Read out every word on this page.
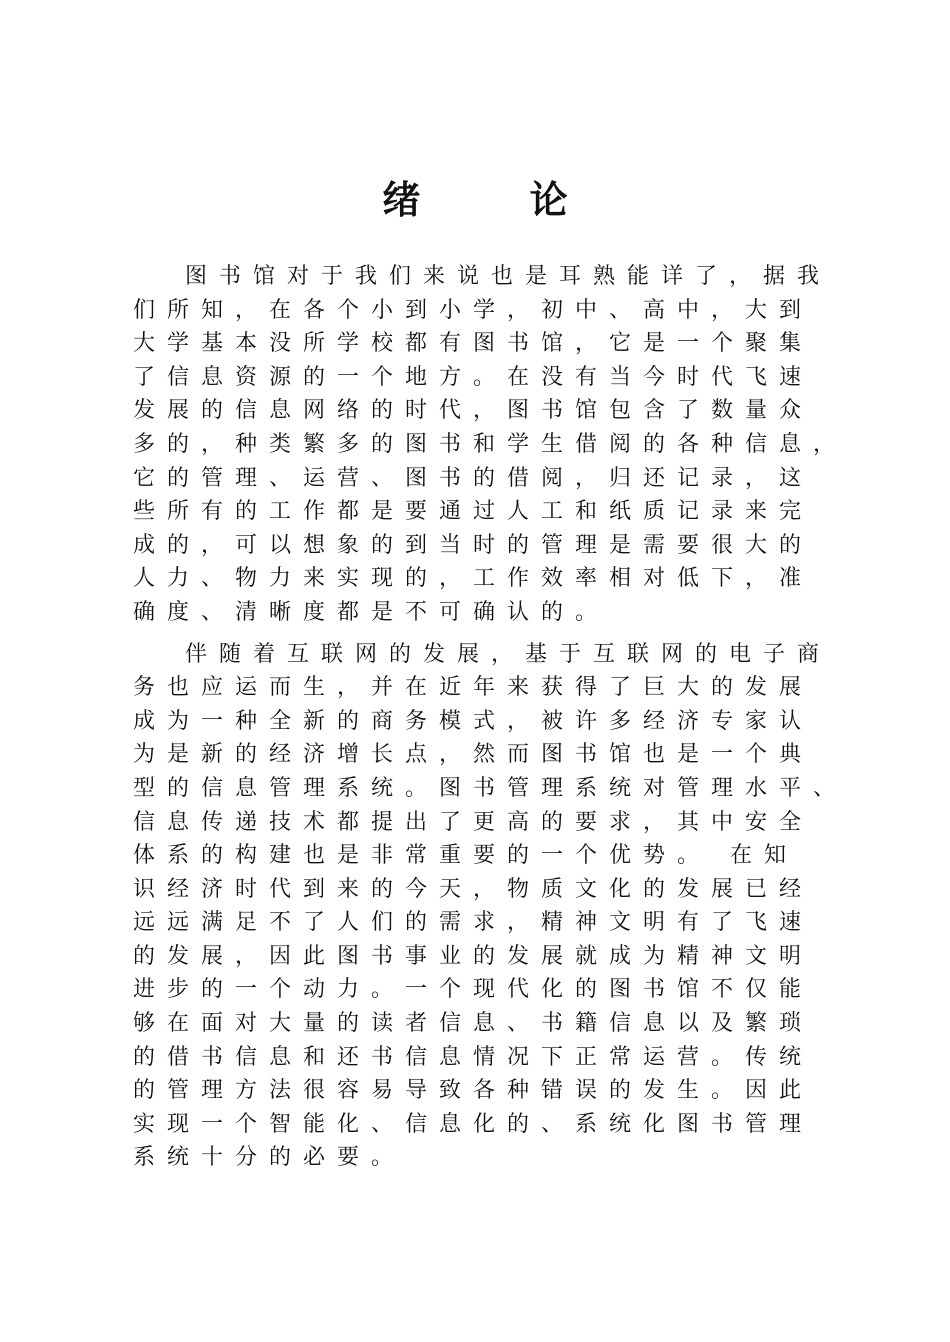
绪 论
图书馆对于我们来说也是耳熟能详了，据我
们所知，在各个小到小学，初中、高中，大到
大学基本没所学校都有图书馆，它是一个聚集
了信息资源的一个地方。在没有当今时代飞速
发展的信息网络的时代，图书馆包含了数量众
多的，种类繁多的图书和学生借阅的各种信息，
它的管理、运营、图书的借阅，归还记录，这
些所有的工作都是要通过人工和纸质记录来完
成的，可以想象的到当时的管理是需要很大的
人力、物力来实现的，工作效率相对低下，准
确度、清晰度都是不可确认的。
伴随着互联网的发展，基于互联网的电子商
务也应运而生，并在近年来获得了巨大的发展
成为一种全新的商务模式，被许多经济专家认
为是新的经济增长点，然而图书馆也是一个典
型的信息管理系统。图书管理系统对管理水平、
信息传递技术都提出了更高的要求，其中安全
体系的构建也是非常重要的一个优势。 在知
识经济时代到来的今天，物质文化的发展已经
远远满足不了人们的需求，精神文明有了飞速
的发展，因此图书事业的发展就成为精神文明
进步的一个动力。一个现代化的图书馆不仅能
够在面对大量的读者信息、书籍信息以及繁琐
的借书信息和还书信息情况下正常运营。传统
的管理方法很容易导致各种错误的发生。因此
实现一个智能化、信息化的、系统化图书管理
系统十分的必要。
